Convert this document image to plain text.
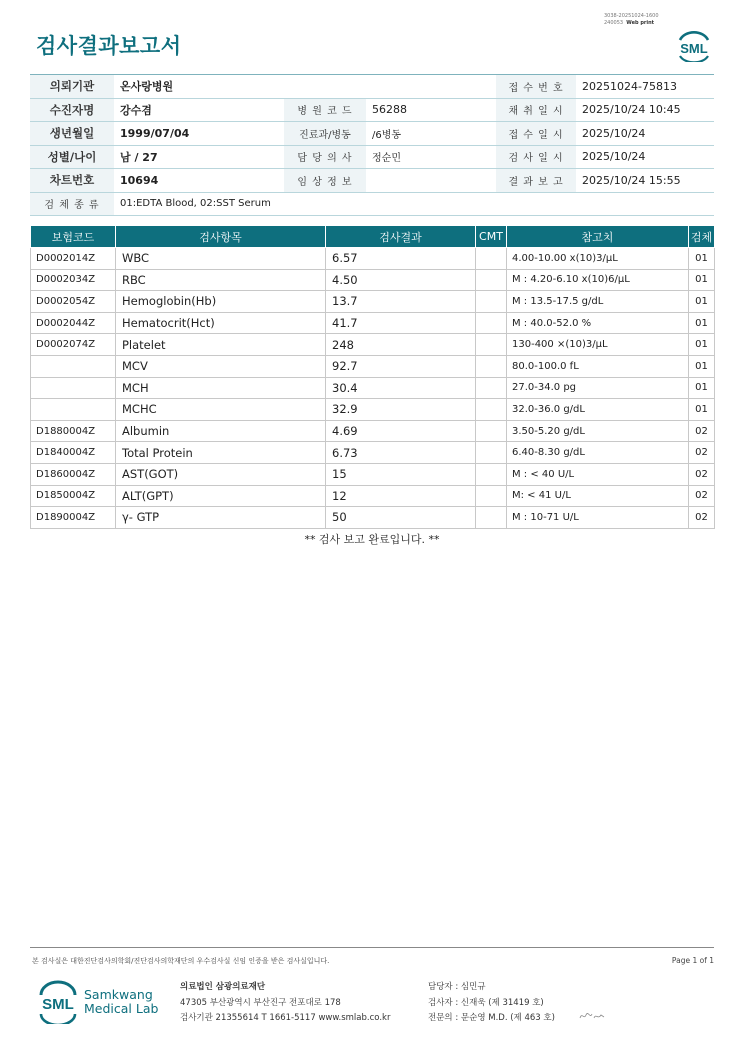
검사결과보고서
3038-20251024-1600
240053 Web print
SML
의뢰기관	온사랑병원			접 수 번 호	20251024-75813
수진자명	강수겸	병 원 코 드	56288	채 취 일 시	2025/10/24 10:45
생년월일	1999/07/04	진료과/병동	/6병동	접 수 일 시	2025/10/24
성별/나이	남 / 27	담 당 의 사	정순민	검 사 일 시	2025/10/24
차트번호	10694	임 상 정 보		결 과 보 고	2025/10/24 15:55
검 체 종 류	01:EDTA Blood, 02:SST Serum				
보험코드	검사항목	검사결과	CMT	참고치	검체
D0002014Z	WBC	6.57		4.00-10.00 x(10)3/μL	01
D0002034Z	RBC	4.50		M : 4.20-6.10 x(10)6/μL	01
D0002054Z	Hemoglobin(Hb)	13.7		M : 13.5-17.5 g/dL	01
D0002044Z	Hematocrit(Hct)	41.7		M : 40.0-52.0 %	01
D0002074Z	Platelet	248		130-400 ×(10)3/μL	01
	MCV	92.7		80.0-100.0 fL	01
	MCH	30.4		27.0-34.0 pg	01
	MCHC	32.9		32.0-36.0 g/dL	01
D1880004Z	Albumin	4.69		3.50-5.20 g/dL	02
D1840004Z	Total Protein	6.73		6.40-8.30 g/dL	02
D1860004Z	AST(GOT)	15		M : < 40 U/L	02
D1850004Z	ALT(GPT)	12		M: < 41 U/L	02
D1890004Z	γ- GTP	50		M : 10-71 U/L	02
** 검사 보고 완료입니다. **
본 검사실은 대한진단검사의학회/진단검사의학재단의 우수검사실 신임 인증을 받은 검사실입니다.	Page 1 of 1
SML
Samkwang
Medical Lab
의료법인 삼광의료재단
47305 부산광역시 부산진구 전포대로 178
검사기관 21355614 T 1661-5117 www.smlab.co.kr
담당자 : 심민규
검사자 : 신재욱 (제 31419 호)
전문의 : 문순영 M.D. (제 463 호)
